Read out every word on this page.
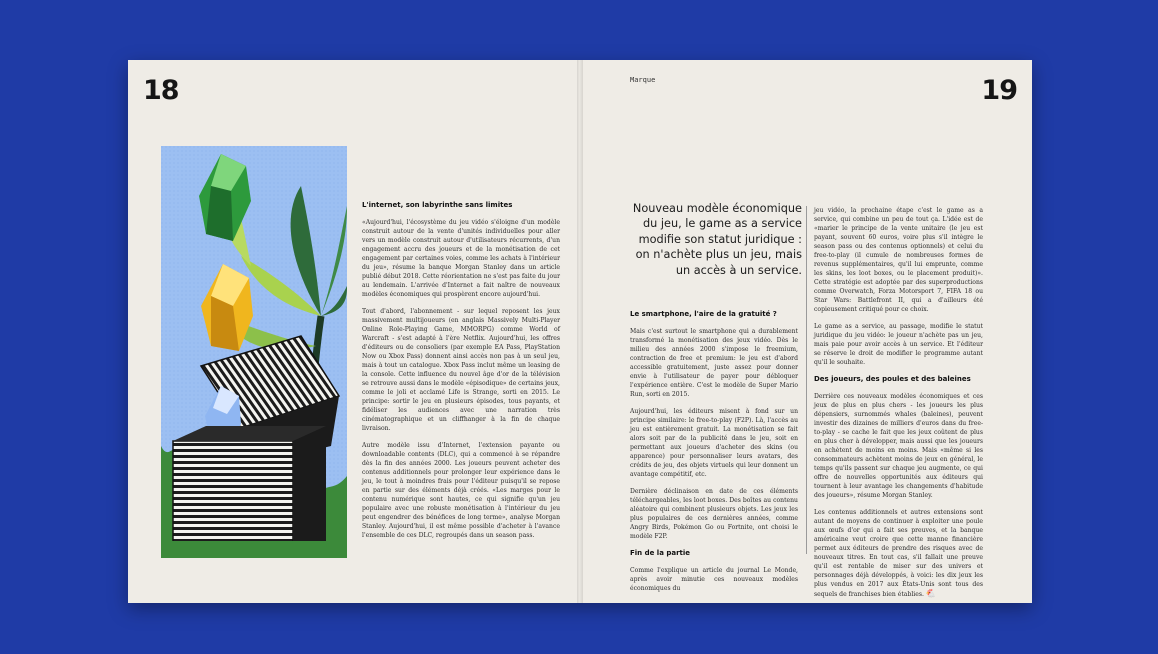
18	19
Marque
L'internet, son labyrinthe sans limites

«Aujourd'hui, l'écosystème du jeu vidéo s'éloigne d'un modèle construit autour de la vente d'unités individuelles pour aller vers un modèle construit autour d'utilisateurs récurrents, d'un engagement accru des joueurs et de la monétisation de cet engagement par certaines voies, comme les achats à l'intérieur du jeu», résume la banque Morgan Stanley dans un article publié début 2018. Cette réorientation ne s'est pas faite du jour au lendemain. L'arrivée d'Internet a fait naître de nouveaux modèles économiques qui prospèrent encore aujourd'hui.

Tout d'abord, l'abonnement - sur lequel reposent les jeux massivement multijoueurs (en anglais Massively Multi-Player Online Role-Playing Game, MMORPG) comme World of Warcraft - s'est adapté à l'ère Netflix. Aujourd'hui, les offres d'éditeurs ou de consoliers (par exemple EA Pass, PlayStation Now ou Xbox Pass) donnent ainsi accès non pas à un seul jeu, mais à tout un catalogue. Xbox Pass inclut même un leasing de la console. Cette influence du nouvel âge d'or de la télévision se retrouve aussi dans le modèle «épisodique» de certains jeux, comme le joli et acclamé Life is Strange, sorti en 2015. Le principe: sortir le jeu en plusieurs épisodes, tous payants, et fidéliser les audiences avec une narration très cinématographique et un cliffhanger à la fin de chaque livraison.

Autre modèle issu d'Internet, l'extension payante ou downloadable contents (DLC), qui a commencé à se répandre dès la fin des années 2000. Les joueurs peuvent acheter des contenus additionnels pour prolonger leur expérience dans le jeu, le tout à moindres frais pour l'éditeur puisqu'il se repose en partie sur des éléments déjà créés. «Les marges pour le contenu numérique sont hautes, ce qui signifie qu'un jeu populaire avec une robuste monétisation à l'intérieur du jeu peut engendrer des bénéfices de long terme», analyse Morgan Stanley. Aujourd'hui, il est même possible d'acheter à l'avance l'ensemble de ces DLC, regroupés dans un season pass.

Nouveau modèle économique du jeu, le game as a service modifie son statut juridique : on n'achète plus un jeu, mais un accès à un service.
Le smartphone, l'aire de la gratuité ?

Mais c'est surtout le smartphone qui a durablement transformé la monétisation des jeux vidéo. Dès le milieu des années 2000 s'impose le freemium, contraction de free et premium: le jeu est d'abord accessible gratuitement, juste assez pour donner envie à l'utilisateur de payer pour débloquer l'expérience entière. C'est le modèle de Super Mario Run, sorti en 2015.

Aujourd'hui, les éditeurs misent à fond sur un principe similaire: le free-to-play (F2P). Là, l'accès au jeu est entièrement gratuit. La monétisation se fait alors soit par de la publicité dans le jeu, soit en permettant aux joueurs d'acheter des skins (ou apparence) pour personnaliser leurs avatars, des crédits de jeu, des objets virtuels qui leur donnent un avantage compétitif, etc.

Dernière déclinaison en date de ces éléments téléchargeables, les loot boxes. Des boîtes au contenu aléatoire qui combinent plusieurs objets. Les jeux les plus populaires de ces dernières années, comme Angry Birds, Pokémon Go ou Fortnite, ont choisi le modèle F2P.

Fin de la partie

Comme l'explique un article du journal Le Monde, après avoir minutie ces nouveaux modèles économiques du

jeu vidéo, la prochaine étape c'est le game as a service, qui combine un peu de tout ça. L'idée est de «marier le principe de la vente unitaire (le jeu est payant, souvent 60 euros, voire plus s'il intègre le season pass ou des contenus optionnels) et celui du free-to-play (il cumule de nombreuses formes de revenus supplémentaires, qu'il lui emprunte, comme les skins, les loot boxes, ou le placement produit)». Cette stratégie est adoptée par des superproductions comme Overwatch, Forza Motorsport 7, FIFA 18 ou Star Wars: Battlefront II, qui a d'ailleurs été copieusement critiqué pour ce choix.

Le game as a service, au passage, modifie le statut juridique du jeu vidéo: le joueur n'achète pas un jeu, mais paie pour avoir accès à un service. Et l'éditeur se réserve le droit de modifier le programme autant qu'il le souhaite.

Des joueurs, des poules et des baleines

Derrière ces nouveaux modèles économiques et ces jeux de plus en plus chers - les joueurs les plus dépensiers, surnommés whales (baleines), peuvent investir des dizaines de milliers d'euros dans du free-to-play - se cache le fait que les jeux coûtent de plus en plus cher à développer, mais aussi que les joueurs en achètent de moins en moins. Mais «même si les consommateurs achètent moins de jeux en général, le temps qu'ils passent sur chaque jeu augmente, ce qui offre de nouvelles opportunités aux éditeurs qui tournent à leur avantage les changements d'habitude des joueurs», résume Morgan Stanley.

Les contenus additionnels et autres extensions sont autant de moyens de continuer à exploiter une poule aux œufs d'or qui a fait ses preuves, et la banque américaine veut croire que cette manne financière permet aux éditeurs de prendre des risques avec de nouveaux titres. En tout cas, s'il fallait une preuve qu'il est rentable de miser sur des univers et personnages déjà développés, à voici: les dix jeux les plus vendus en 2017 aux États-Unis sont tous des sequels de franchises bien établies. 🐔
